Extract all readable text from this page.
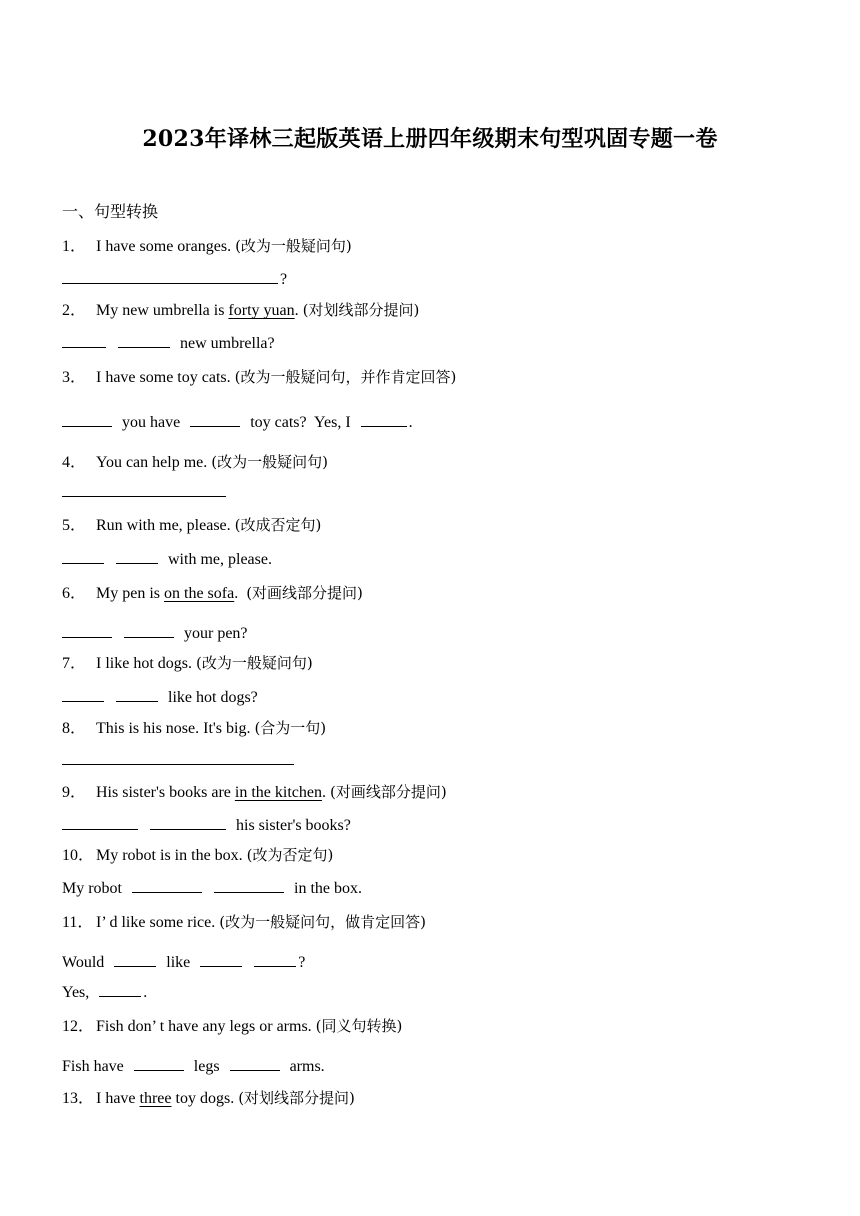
2023年译林三起版英语上册四年级期末句型巩固专题一卷
一、句型转换
1． I have some oranges. (改为一般疑问句)
?
2． My new umbrella is forty yuan. (对划线部分提问)
new umbrella?
3． I have some toy cats. (改为一般疑问句，并作肯定回答)
you have	toy cats?  Yes, I	.
4． You can help me. (改为一般疑问句)
5． Run with me, please. (改成否定句)
with me, please.
6． My pen is on the sofa.  (对画线部分提问)
your pen?
7． I like hot dogs. (改为一般疑问句)
like hot dogs?
8． This is his nose. It's big. (合为一句)
9． His sister's books are in the kitchen. (对画线部分提问)
his sister's books?
10． My robot is in the box. (改为否定句)
My robot	in the box.
11． I’ d like some rice. (改为一般疑问句，做肯定回答)
Would	like	?
Yes,	.
12． Fish don’ t have any legs or arms. (同义句转换)
Fish have	legs	arms.
13． I have three toy dogs. (对划线部分提问)
